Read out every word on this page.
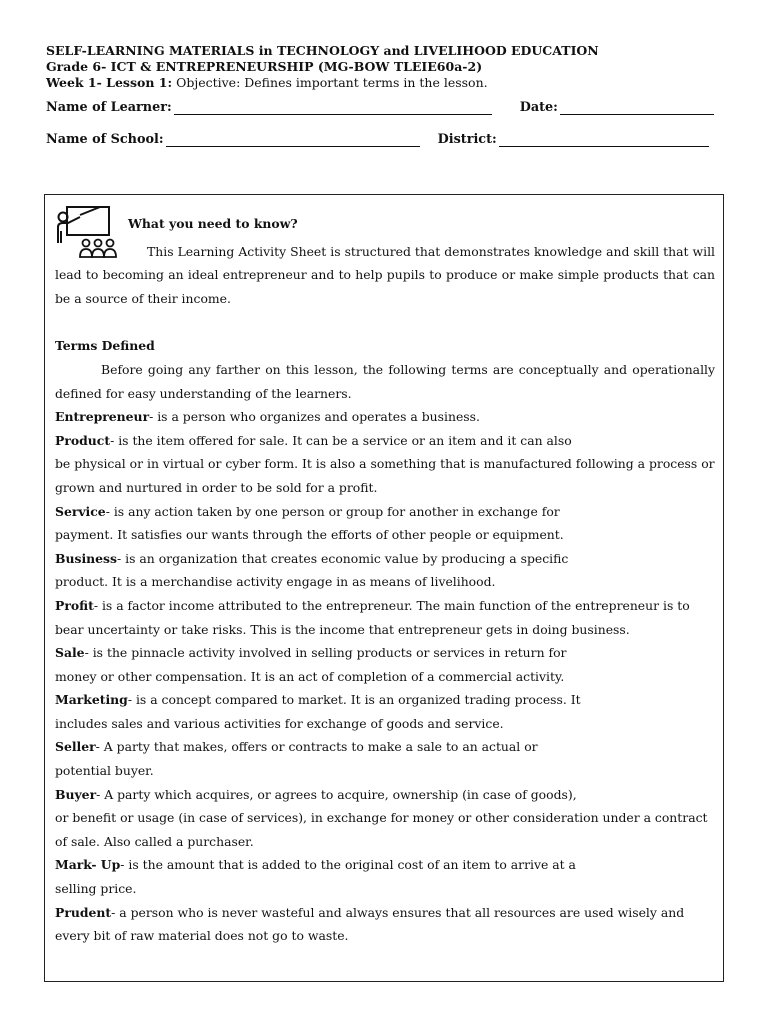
SELF-LEARNING MATERIALS in TECHNOLOGY and LIVELIHOOD EDUCATION
Grade 6- ICT & ENTREPRENEURSHIP (MG-BOW TLEIE60a-2)
Week 1- Lesson 1: Objective: Defines important terms in the lesson.
Name of Learner:	Date:
Name of School:	District:

What you need to know?

This Learning Activity Sheet is structured that demonstrates knowledge and skill that will lead to becoming an ideal entrepreneur and to help pupils to produce or make simple products that can be a source of their income.

Terms Defined

Before going any farther on this lesson, the following terms are conceptually and operationally defined for easy understanding of the learners.

Entrepreneur- is a person who organizes and operates a business.

Product- is the item offered for sale. It can be a service or an item and it can also

be physical or in virtual or cyber form. It is also a something that is manufactured following a process or grown and nurtured in order to be sold for a profit.

Service- is any action taken by one person or group for another in exchange for

payment. It satisfies our wants through the efforts of other people or equipment.

Business- is an organization that creates economic value by producing a specific

product. It is a merchandise activity engage in as means of livelihood.

Profit- is a factor income attributed to the entrepreneur. The main function of the entrepreneur is to bear uncertainty or take risks. This is the income that entrepreneur gets in doing business.

Sale- is the pinnacle activity involved in selling products or services in return for

money or other compensation. It is an act of completion of a commercial activity.

Marketing- is a concept compared to market. It is an organized trading process. It

includes sales and various activities for exchange of goods and service.

Seller- A party that makes, offers or contracts to make a sale to an actual or

potential buyer.

Buyer- A party which acquires, or agrees to acquire, ownership (in case of goods),

or benefit or usage (in case of services), in exchange for money or other consideration under a contract of sale. Also called a purchaser.

Mark- Up- is the amount that is added to the original cost of an item to arrive at a

selling price.

Prudent- a person who is never wasteful and always ensures that all resources are used wisely and every bit of raw material does not go to waste.
